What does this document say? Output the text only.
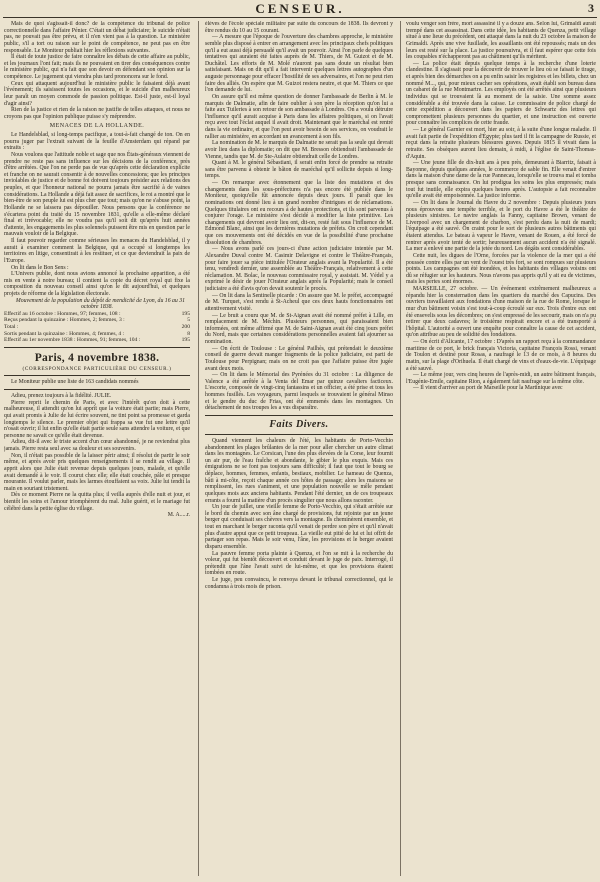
CENSEUR.	3

Mais de quoi s'agissait-il donc? de la compétence du tribunal de police correctionnelle dans l'affaire Pénier. C'était un débat judiciaire; le suicide n'était pas, ne pouvait pas être prévu, et il n'en vient pas à la question. Le ministère public, s'il a tort ou raison sur le point de compétence, ne peut pas en être responsable. Le Moniteur publiait hier les réflexions suivantes.

Il était de toute justice de faire connaître les débats de cette affaire au public, et les journaux l'ont fait; mais ils ne pouvaient en tirer des conséquences contre le ministère public, qui n'a fait que son devoir en défendant son opinion sur la compétence. Le jugement qui viendra plus tard prononcera sur le fond.

Ceux qui attaquent aujourd'hui le ministère public le faisaient déjà avant l'événement; ils saisissent toutes les occasions, et le suicide d'un malheureux leur paraît un moyen commode de passion politique. Est-il juste, est-il loyal d'agir ainsi?

Rien de la justice et rien de la raison ne justifie de telles attaques, et nous ne croyons pas que l'opinion publique puisse s'y méprendre.

MENACES DE LA HOLLANDE.

Le Handelsblad, si long-temps pacifique, a tout-à-fait changé de ton. On en pourra juger par l'extrait suivant de la feuille d'Amsterdam qui répand par extraits :

Nous voulons que l'attitude noble et sage que nos États-généraux viennent de prendre ne reste pas sans influence sur les décisions de la conférence, près d'être arrêtées. Que l'on ne perde pas de vue qu'après cette déclaration explicite et franche on ne saurait consentir à de nouvelles concessions; que les principes inviolables de justice et de bonne foi doivent toujours présider aux relations des peuples, et que l'honneur national ne pourra jamais être sacrifié à de vaines considérations. La Hollande a déjà fait assez de sacrifices, le roi a montré que le bien-être de son peuple lui est plus cher que tout; mais qu'on ne s'abuse point, la Hollande ne se laissera pas dépouiller. Nous pensons que la conférence ne s'écartera point du traité du 15 novembre 1831, qu'elle a elle-même déclaré final et irrévocable; elle ne voudra pas qu'il soit dit qu'après huit années d'attente, les engagements les plus solennels puissent être mis en question par le mauvais vouloir de la Belgique.

Il faut pouvoir regarder comme sérieuses les menaces du Handelsblad, il y aurait à examiner comment la Belgique, qui a occupé si longtemps les territoires en litige, consentirait à les restituer, et ce que deviendrait la paix de l'Europe.

On lit dans le Bon Sens :

L'Univers publie, dont nous avions annoncé la prochaine apparition, a été mis en vente à notre bureau; il contient la copie du décret royal qui fixe la composition du nouveau conseil ainsi qu'on le dit aujourd'hui, et quelques projets de réforme de la législation électorale.

Mouvement de la population du dépôt de mendicité de Lyon, du 16 au 31 octobre 1838.

Effectif au 16 octobre : Hommes, 97; femmes, 108 :	195
Reçus pendant la quinzaine : Hommes, 2; femmes, 3 :	5
Total :	200
Sortis pendant la quinzaine : Hommes, 4; femmes, 4 :	8
Effectif au 1er novembre 1838 : Hommes, 91; femmes, 104 :	195
Paris, 4 novembre 1838.
(CORRESPONDANCE PARTICULIÈRE DU CENSEUR.)

Le Moniteur publie une liste de 163 candidats nommés

Adieu, prenez toujours à la fidélité. JULIE.

Pierre reprit le chemin de Paris, et avec l'intérêt qu'on doit à cette malheureuse, il attendit qu'on lui apprît que la voiture était partie; mais Pierre, qui avait promis à Julie de lui écrire souvent, ne tint point sa promesse et garda longtemps le silence. Le premier objet qui frappa sa vue fut une lettre qu'il n'osait ouvrir; il lut enfin qu'elle était partie seule sans attendre la voiture, et que personne ne savait ce qu'elle était devenue.

Adieu, dit-il avec le triste accent d'un cœur abandonné, je ne reviendrai plus jamais. Pierre resta seul avec sa douleur et ses souvenirs.

Non, il n'était pas possible de la laisser périr ainsi; il résolut de partir le soir même, et après avoir pris quelques renseignements il se rendit au village. Il apprit alors que Julie était revenue depuis quelques jours, malade, et qu'elle avait demandé à le voir. Il courut chez elle; elle était couchée, pâle et presque mourante. Il voulut parler, mais les larmes étouffaient sa voix. Julie lui tendit la main en souriant tristement.

Dès ce moment Pierre ne la quitta plus; il veilla auprès d'elle nuit et jour, et bientôt les soins et l'amour triomphèrent du mal. Julie guérit, et le mariage fut célébré dans la petite église du village.

M. A.....r.

élèves de l'école spéciale militaire par suite du concours de 1838. Ils devront y être rendus du 10 au 15 courant.

— A mesure que l'époque de l'ouverture des chambres approche, le ministère semble plus disposé à entrer en arrangement avec les principaux chefs politiques qu'il a eut aussi déjà persuadé qu'il avait un pouvoir. Ainsi l'on parle de quelques tentatives qui auraient été faites auprès de M. Thiers, de M. Guizot et de M. Duchâtel. Les efforts de M. Molé n'auront pas sans doute un résultat bien satisfaisant. Mais on dit qu'il a fait intervenir quelques lettres autographes d'un auguste personnage pour effacer l'hostilité de ses adversaires, et l'on ne peut rien faire des alliés. On espère que M. Guizot restera neutre, et que M. Thiers ce que l'on demande de lui.

On assure qu'il est même question de donner l'ambassade de Berlin à M. le marquis de Dalmatie, afin de faire oublier à son père la réception qu'on lui a faite aux Tuileries à son retour de son ambassade à Londres. On a voulu détruire l'influence qu'il aurait acquise à Paris dans les affaires politiques, si on l'avait reçu avec tout l'éclat auquel il avait droit. Maintenant que le maréchal est rentré dans la vie ordinaire, et que l'on peut avoir besoin de ses services, on voudrait le rallier au ministère, en accordant un avancement à son fils.

La nomination de M. le marquis de Dalmatie ne serait pas la seule qui devrait avoir lieu dans la diplomatie; on dit que M. Bresson obtiendrait l'ambassade de Vienne, tandis que M. de Ste-Aulaire obtiendrait celle de Londres.

Quant à M. le général Sébastiani, il serait enfin forcé de prendre sa retraite sans être parvenu à obtenir le bâton de maréchal qu'il sollicite depuis si long-temps.

— On remarque avec étonnement que la liste des mutations et des changements dans les sous-préfectures n'a pas encore été publiée dans le Moniteur, quoiqu'elle fût annoncée depuis deux jours. Il paraît que les nominations ont donné lieu à un grand nombre d'intrigues et de réclamations. Quelques titulaires ont eu recours à de hautes protections, et ils sont parvenus à conjurer l'orage. Le ministère s'est décidé à modifier la liste primitive. Les changements qui devront avoir lieu ont, dit-on, resté fait sous l'influence de M. Edmond Blanc, ainsi que les dernières mutations de préfets. On croit cependant que ces mouvements ont été décidés en vue de la possibilité d'une prochaine dissolution de chambres.

— Nous avons parlé ces jours-ci d'une action judiciaire intentée par M. Alexandre Duval contre M. Casimir Delavigne et contre le Théâtre-Français, pour faire jouer sa pièce intitulée l'Orateur anglais avant la Popularité. Il a été tenu, vendredi dernier, une assemblée au Théâtre-Français, relativement à cette réclamation. M. Bolac, le nouveau commissaire royal, y assistait. M. Védel y a exprimé le désir de jouer l'Orateur anglais après la Popularité; mais le conseil judiciaire a été d'avis qu'on devait soutenir le procès.

— On lit dans la Sentinelle picarde : On assure que M. le préfet, accompagné de M. Turquet, s'est rendu à St-Acheul que ces deux hauts fonctionnaires ont attentivement visité.

— Le bruit a couru que M. de St-Aignan avait été nommé préfet à Lille, en remplacement de M. Méchin. Plusieurs personnes, qui paraissaient bien informées, ont même affirmé que M. de Saint-Aignan avait été cinq jours préfet du Nord, mais que certaines considérations personnelles avaient fait ajourner sa nomination.

— On écrit de Toulouse : Le général Pailhès, qui prétendait le deuxième conseil de guerre devait manger fragments de la police judiciaire, est parti de Toulouse pour Perpignan; mais on ne croit pas que l'affaire puisse être jugée avant deux mois.

— On lit dans le Mémorial des Pyrénées du 31 octobre : La diligence de Valence a été arrêtée à la Venta del Emar par quinze cavaliers facticeux. L'escorte, composée de vingt-cinq fantassins et un officier, a été prise et tous les hommes fusillés. Les voyageurs, parmi lesquels se trouvaient le général Minso et le gendre du duc de Frias, ont été emmenés dans les montagnes. Un détachement de nos troupes les a vus disparaître.

Faits Divers.

Quand viennent les chaleurs de l'été, les habitants de Porto-Vecchio abandonnent les plages brûlantes de la mer pour aller chercher un autre climat dans les montagnes. Le Corsican, l'une des plus élevées de la Corse, leur fournit un air pur, de l'eau fraîche et abondante, le gibier le plus exquis. Mais ces émigrations ne se font pas toujours sans difficulté; il faut que tout le bourg se déplace, hommes, femmes, enfants, bestiaux, mobilier. Le hameau de Quenza, bâti à mi-côte, reçoit chaque année ces hôtes de passage; alors les maisons se remplissent, les rues s'animent, et une population nouvelle se mêle pendant quelques mois aux anciens habitants. Pendant l'été dernier, un de ces troupeaux errants a fourni la matière d'un procès singulier que nous allons raconter.

Un jour de juillet, une vieille femme de Porto-Vecchio, qui s'était arrêtée sur le bord du chemin avec son âne chargé de provisions, fut rejointe par un jeune berger qui conduisait ses chèvres vers la montagne. Ils cheminèrent ensemble, et tout en marchant le berger raconta qu'il venait de perdre son père et qu'il n'avait plus d'autre appui que ce petit troupeau. La vieille eut pitié de lui et lui offrit de partager son repas. Mais le soir venu, l'âne, les provisions et le berger avaient disparu ensemble.

La pauvre femme porta plainte à Quenza, et l'on se mit à la recherche du voleur, qui fut bientôt découvert et conduit devant le juge de paix. Interrogé, il prétendit que l'âne l'avait suivi de lui-même, et que les provisions étaient tombées en route.

Le juge, peu convaincu, le renvoya devant le tribunal correctionnel, qui le condamna à trois mois de prison.

voulu venger son frère, mort assassiné il y a douze ans. Selon lui, Grimaldi aurait trempé dans cet assassinat. Dans cette idée, les habitants de Quenza, petit village situé à une lieue du précédent, ont attaqué dans la nuit du 23 octobre la maison de Grimaldi. Après une vive fusillade, les assaillants ont été repoussés; mais un des leurs est resté sur la place. La justice poursuivra, et il faut espérer que cette fois les coupables n'échapperont pas au châtiment qu'ils méritent.

— La police était depuis quelque temps à la recherche d'une loterie clandestine. Il s'agissait pour la découvrir de trouver le lieu où se faisait le tirage, et après bien des démarches on a pu enfin saisir les registres et les billets, chez un nommé M..., qui, pour mieux cacher ses opérations, avait établi son bureau dans un cabaret de la rue Montmartre. Les employés ont été arrêtés ainsi que plusieurs individus qui se trouvaient là au moment de la saisie. Une somme assez considérable a été trouvée dans la caisse. Le commissaire de police chargé de cette expédition a découvert dans les papiers de Schwartz des lettres qui compromettent plusieurs personnes du quartier, et une instruction est ouverte pour connaître les complices de cette fraude.

— Le général Garnier est mort, hier au soir, à la suite d'une longue maladie. Il avait fait partie de l'expédition d'Égypte; plus tard il fit la campagne de Russie, et reçut dans la retraite plusieurs blessures graves. Depuis 1815 il vivait dans la retraite. Ses obsèques auront lieu demain, à midi, à l'église de Saint-Thomas-d'Aquin.

— Une jeune fille de dix-huit ans à peu près, demeurant à Biarritz, faisait à Bayonne, depuis quelques années, le commerce de sable fin. Elle venait d'entrer dans la maison d'une dame de la rue Pannecau, lorsqu'elle se trouva mal et tomba presque sans connaissance. On lui prodigua les soins les plus empressés; mais tout fut inutile, elle expira quelques heures après. L'autopsie a fait reconnaître qu'elle avait été empoisonnée. La justice informe.

— On lit dans le Journal du Havre du 2 novembre : Depuis plusieurs jours nous éprouvons une tempête terrible, et le port du Havre a été le théâtre de plusieurs sinistres. Le navire anglais la Fanny, capitaine Brown, venant de Liverpool avec un chargement de charbon, s'est perdu dans la nuit de mardi; l'équipage a été sauvé. On craint pour le sort de plusieurs autres bâtiments qui étaient attendus. Le bateau à vapeur le Havre, venant de Rouen, a été forcé de rentrer après avoir tenté de sortir; heureusement aucun accident n'a été signalé. La mer a enlevé une partie de la jetée du nord. Les dégâts sont considérables.

Cette nuit, les digues de l'Orne, forcées par la violence de la mer qui a été poussée contre elles par un vent de l'ouest très fort, se sont rompues sur plusieurs points. Les campagnes ont été inondées, et les habitants des villages voisins ont dû se réfugier sur les hauteurs. Nous n'avons pas appris qu'il y ait eu de victimes, mais les pertes sont énormes.

MARSEILLE, 27 octobre. — Un événement extrêmement malheureux a répandu hier la consternation dans les quartiers du marché des Capucins. Des ouvriers travaillaient aux fondations d'une maison de la rue de Rome, lorsque le mur d'un bâtiment voisin s'est tout-à-coup écroulé sur eux. Trois d'entre eux ont été ensevelis sous les décombres; on s'est empressé de les secourir, mais on n'a pu retirer que deux cadavres; le troisième respirait encore et a été transporté à l'hôpital. L'autorité a ouvert une enquête pour connaître la cause de cet accident, qu'on attribue au peu de solidité des fondations.

— On écrit d'Alicante, 17 octobre : D'après un rapport reçu à la commandance maritime de ce port, le brick français Victoria, capitaine François Rossi, venant de Toulon et destiné pour Rosas, a naufragé le 13 de ce mois, à 8 heures du matin, sur la plage d'Orihuela. Il était chargé de vins et d'eaux-de-vie. L'équipage a été sauvé.

— Le même jour, vers cinq heures de l'après-midi, un autre bâtiment français, l'Eugénie-Emile, capitaine Rion, a également fait naufrage sur la même côte.

— Il vient d'arriver au port de Marseille pour la Martinique avec
